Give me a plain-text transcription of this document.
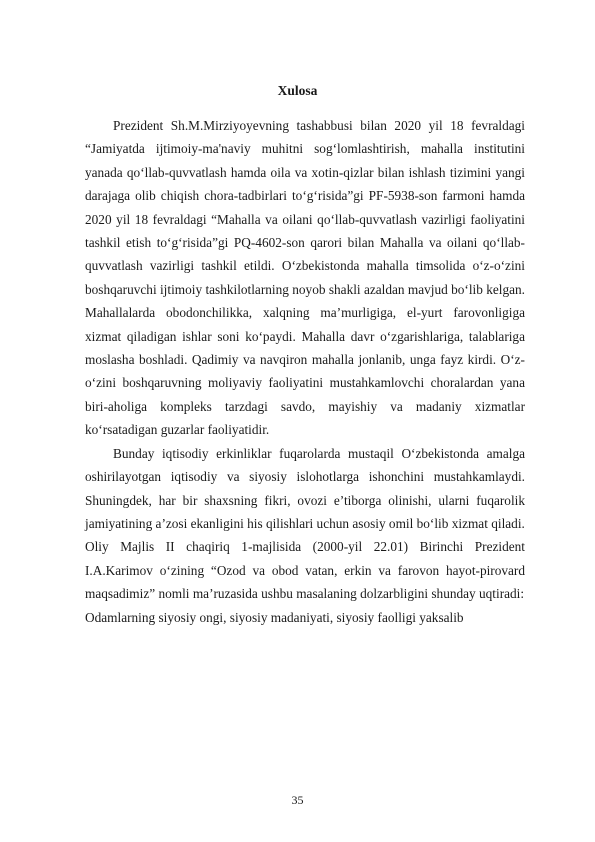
Xulosa

Prezident Sh.M.Mirziyoyevning tashabbusi bilan 2020 yil 18 fevraldagi “Jamiyatda ijtimoiy-ma'naviy muhitni sog‘lomlashtirish, mahalla institutini yanada qo‘llab-quvvatlash hamda oila va xotin-qizlar bilan ishlash tizimini yangi darajaga olib chiqish chora-tadbirlari to‘g‘risida”gi PF-5938-son farmoni hamda 2020 yil 18 fevraldagi “Mahalla va oilani qo‘llab-quvvatlash vazirligi faoliyatini tashkil etish to‘g‘risida”gi PQ-4602-son qarori bilan Mahalla va oilani qo‘llab-quvvatlash vazirligi tashkil etildi. O‘zbekistonda mahalla timsolida o‘z-o‘zini boshqaruvchi ijtimoiy tashkilotlarning noyob shakli azaldan mavjud bo‘lib kelgan. Mahallalarda obodonchilikka, xalqning ma’murligiga, el-yurt farovonligiga xizmat qiladigan ishlar soni ko‘paydi. Mahalla davr o‘zgarishlariga, talablariga moslasha boshladi. Qadimiy va navqiron mahalla jonlanib, unga fayz kirdi. O‘z-o‘zini boshqaruvning moliyaviy faoliyatini mustahkamlovchi choralardan yana biri-aholiga kompleks tarzdagi savdo, mayishiy va madaniy xizmatlar ko‘rsatadigan guzarlar faoliyatidir.

Bunday iqtisodiy erkinliklar fuqarolarda mustaqil O‘zbekistonda amalga oshirilayotgan iqtisodiy va siyosiy islohotlarga ishonchini mustahkamlaydi. Shuningdek, har bir shaxsning fikri, ovozi e’tiborga olinishi, ularni fuqarolik jamiyatining a’zosi ekanligini his qilishlari uchun asosiy omil bo‘lib xizmat qiladi.

Oliy Majlis II chaqiriq 1-majlisida (2000-yil 22.01) Birinchi Prezident I.A.Karimov o‘zining “Ozod va obod vatan, erkin va farovon hayot-pirovard maqsadimiz” nomli ma’ruzasida ushbu masalaning dolzarbligini shunday uqtiradi:

Odamlarning siyosiy ongi, siyosiy madaniyati, siyosiy faolligi yaksalib

35
